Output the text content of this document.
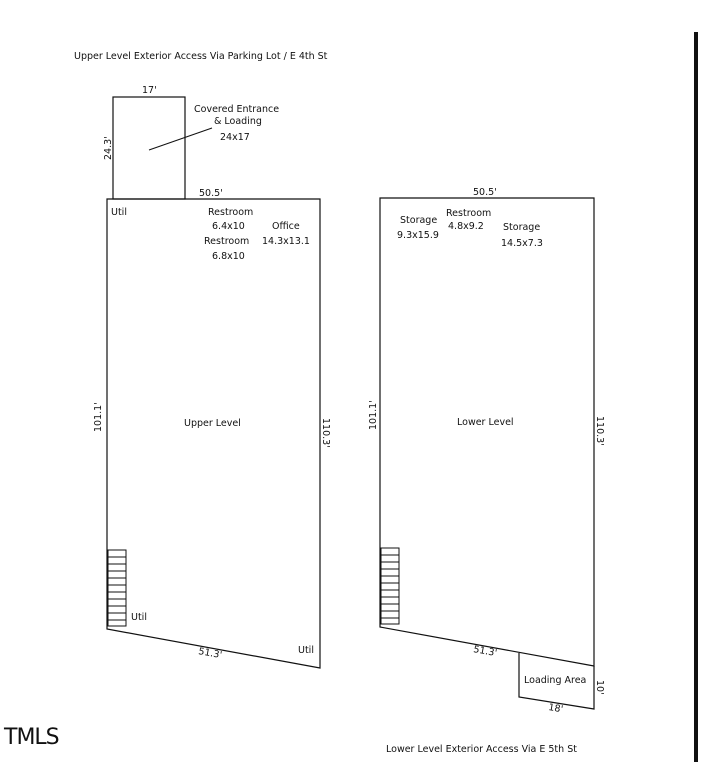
Upper Level Exterior Access Via Parking Lot / E 4th St
Lower Level Exterior Access Via E 5th St
17'
24.3'
Covered Entrance
& Loading
24x17
50.5'
101.1'
110.3'
51.3'
Util	Restroom
6.4x10	Office
14.3x13.1
Restroom
6.8x10
Upper Level
Util
Util
50.5'
101.1'
110.3'
51.3'
10'
18'
Storage
9.3x15.9
Restroom
4.8x9.2 Storage
14.5x7.3
Lower Level
Loading Area
TMLS
